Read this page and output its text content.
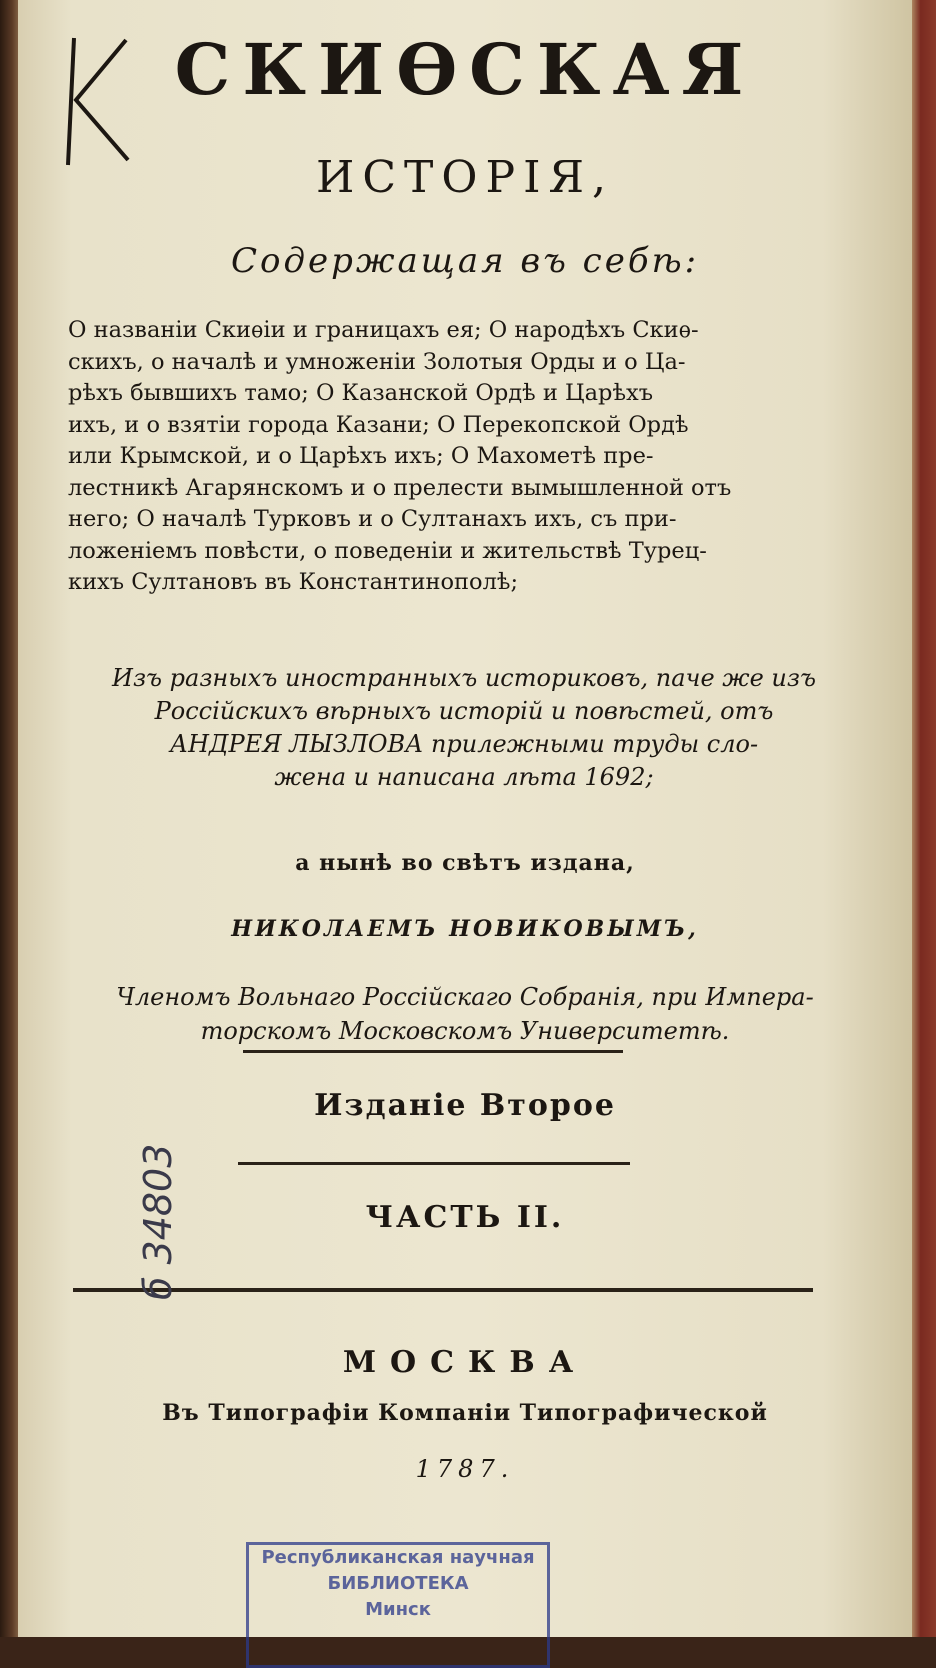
СКИѲСКАЯ
ИСТОРІЯ,
Содержащая въ себѣ:
О названіи Скиѳіи и границахъ ея; О народѣхъ Скиѳ-
скихъ, о началѣ и умноженіи Золотыя Орды и о Ца-
рѣхъ бывшихъ тамо; О Казанской Ордѣ и Царѣхъ
ихъ, и о взятіи города Казани; О Перекопской Ордѣ
или Крымской, и о Царѣхъ ихъ; О Махометѣ пре-
лестникѣ Агарянскомъ и о прелести вымышленной отъ
него; О началѣ Турковъ и о Султанахъ ихъ, съ при-
ложеніемъ повѣсти, о поведеніи и жительствѣ Турец-
кихъ Султановъ въ Константинополѣ;
Изъ разныхъ иностранныхъ историковъ, паче же изъ
Россійскихъ вѣрныхъ исторій и повѣстей, отъ
АНДРЕЯ ЛЫЗЛОВА прилежными труды сло-
жена и написана лѣта 1692;
а нынѣ во свѣтъ издана,
НИКОЛАЕМЪ НОВИКОВЫМЪ,
Членомъ Вольнаго Россійскаго Собранія, при Импера-
торскомъ Московскомъ Университетѣ.
Изданіе Второе
ЧАСТЬ II.
МОСКВА
Въ Типографіи Компаніи Типографической
1787.
б 34803
Республиканская научная
БИБЛИОТЕКА
Минск
